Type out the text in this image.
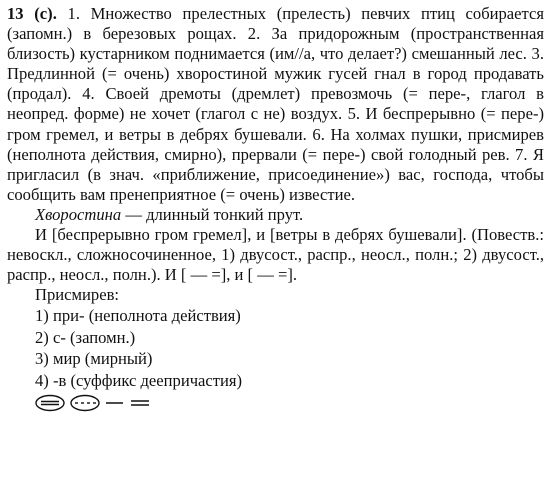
13 (с). 1. Множество прелестных (прелесть) певчих птиц собирается (запомн.) в березовых рощах. 2. За придорожным (пространственная близость) кустарником поднимается (им//а, что делает?) смешанный лес. 3. Предлинной (= очень) хворостиной мужик гусей гнал в город продавать (продал). 4. Своей дремоты (дремлет) превозмочь (= пере-, глагол в неопред. форме) не хочет (глагол с не) воздух. 5. И беспрерывно (= пере-) гром гремел, и ветры в дебрях бушевали. 6. На холмах пушки, присмирев (неполнота действия, смирно), прервали (= пере-) свой голодный рев. 7. Я пригласил (в знач. «приближение, присоединение») вас, господа, чтобы сообщить вам пренеприятное (= очень) известие.

Хворостина — длинный тонкий прут.

И [беспрерывно гром гремел], и [ветры в дебрях бушевали]. (Повеств.: невоскл., сложносочиненное, 1) двусост., распр., неосл., полн.; 2) двусост., распр., неосл., полн.). И [ — =], и [ — =].

Присмирев:

1) при- (неполнота действия)
2) с- (запомн.)
3) мир (мирный)
4) -в (суффикс деепричастия)
